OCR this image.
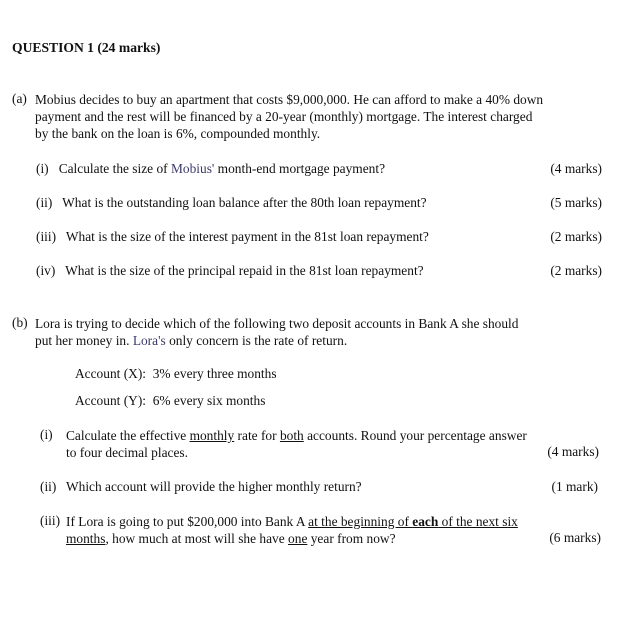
QUESTION 1 (24 marks)
(a) Mobius decides to buy an apartment that costs $9,000,000. He can afford to make a 40% down
payment and the rest will be financed by a 20-year (monthly) mortgage. The interest charged
by the bank on the loan is 6%, compounded monthly.
(i) Calculate the size of Mobius' month-end mortgage payment?	(4 marks)
(ii) What is the outstanding loan balance after the 80th loan repayment?	(5 marks)
(iii) What is the size of the interest payment in the 81st loan repayment?	(2 marks)
(iv) What is the size of the principal repaid in the 81st loan repayment?	(2 marks)
(b) Lora is trying to decide which of the following two deposit accounts in Bank A she should
put her money in. Lora's only concern is the rate of return.
Account (X): 3% every three months
Account (Y): 6% every six months
(i) Calculate the effective monthly rate for both accounts. Round your percentage answer
to four decimal places.	(4 marks)
(ii) Which account will provide the higher monthly return?	(1 mark)
(iii) If Lora is going to put $200,000 into Bank A at the beginning of each of the next six
months, how much at most will she have one year from now?	(6 marks)
